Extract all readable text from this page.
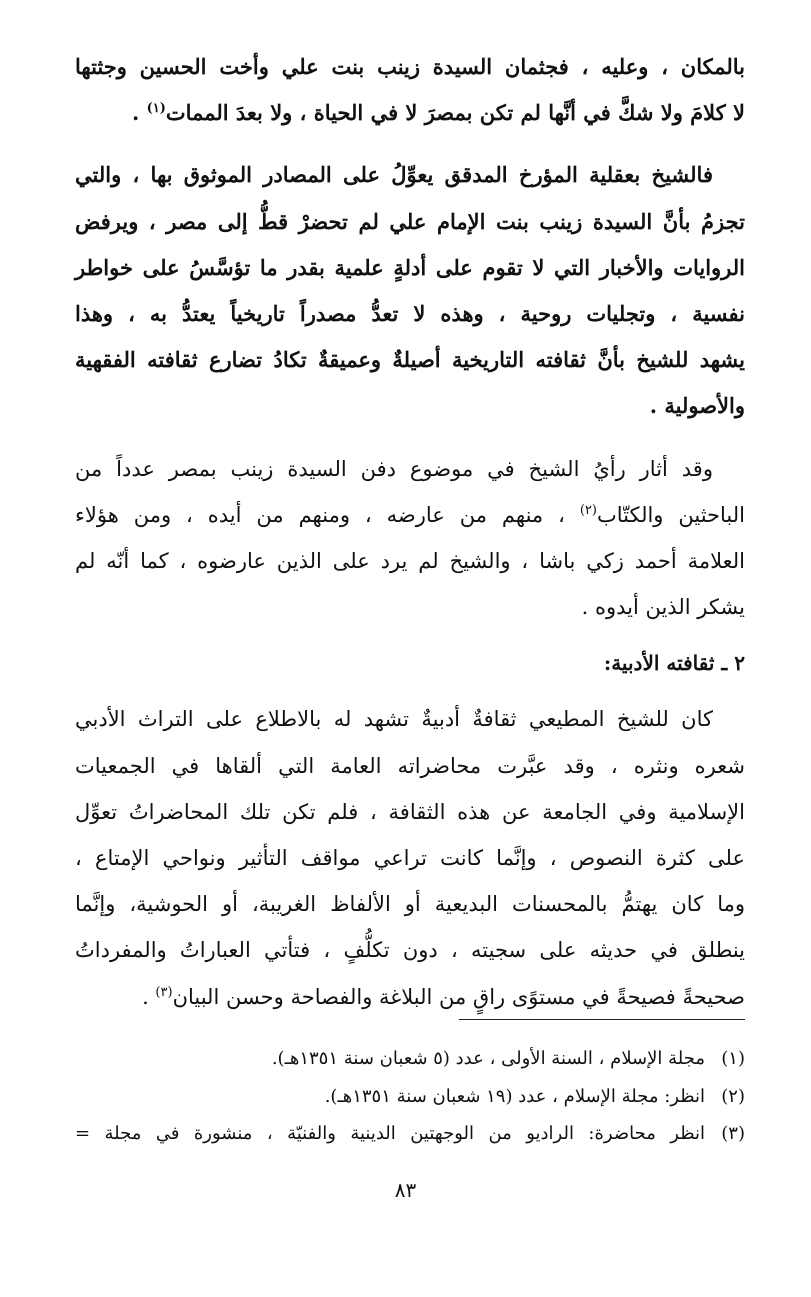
بالمكان ، وعليه ، فجثمان السيدة زينب بنت علي وأخت الحسين وجثتها
لا كلامَ ولا شكَّ في أنَّها لم تكن بمصرَ لا في الحياة ، ولا بعدَ الممات$^{(١)}$ .

فالشيخ بعقلية المؤرخ المدقق يعوِّلُ على المصادر الموثوق بها ، والتي
تجزمُ بأنَّ السيدة زينب بنت الإمام علي لم تحضرْ قطُّ إلى مصر ، ويرفض
الروايات والأخبار التي لا تقوم على أدلةٍ علمية بقدر ما تؤسَّسُ على خواطر
نفسية ، وتجليات روحية ، وهذه لا تعدُّ مصدراً تاريخياً يعتدُّ به ، وهذا
يشهد للشيخ بأنَّ ثقافته التاريخية أصيلةٌ وعميقةٌ تكادُ تضارع ثقافته الفقهية
والأصولية .

وقد أثار رأيُ الشيخ في موضوع دفن السيدة زينب بمصر عدداً من
الباحثين والكتّاب$^{(٢)}$ ، منهم من عارضه ، ومنهم من أيده ، ومن هؤلاء
العلامة أحمد زكي باشا ، والشيخ لم يرد على الذين عارضوه ، كما أنّه لم
يشكر الذين أيدوه .

٢ ـ ثقافته الأدبية:

كان للشيخ المطيعي ثقافةٌ أدبيةٌ تشهد له بالاطلاع على التراث الأدبي
شعره ونثره ، وقد عبَّرت محاضراته العامة التي ألقاها في الجمعيات
الإسلامية وفي الجامعة عن هذه الثقافة ، فلم تكن تلك المحاضراتُ تعوِّل
على كثرة النصوص ، وإنَّما كانت تراعي مواقف التأثير ونواحي الإمتاع ،
وما كان يهتمُّ بالمحسنات البديعية أو الألفاظ الغريبة، أو الحوشية، وإنَّما
ينطلق في حديثه على سجيته ، دون تكلُّفٍ ، فتأتي العباراتُ والمفرداتُ
صحيحةً فصيحةً في مستوًى راقٍ من البلاغة والفصاحة وحسن البيان$^{(٣)}$ .

(١)
مجلة الإسلام ، السنة الأولى ، عدد (٥ شعبان سنة ١٣٥١هـ).
(٢)
انظر: مجلة الإسلام ، عدد (١٩ شعبان سنة ١٣٥١هـ).
(٣)
انظر محاضرة: الراديو من الوجهتين الدينية والفنيّة ، منشورة في مجلة =
٨٣
